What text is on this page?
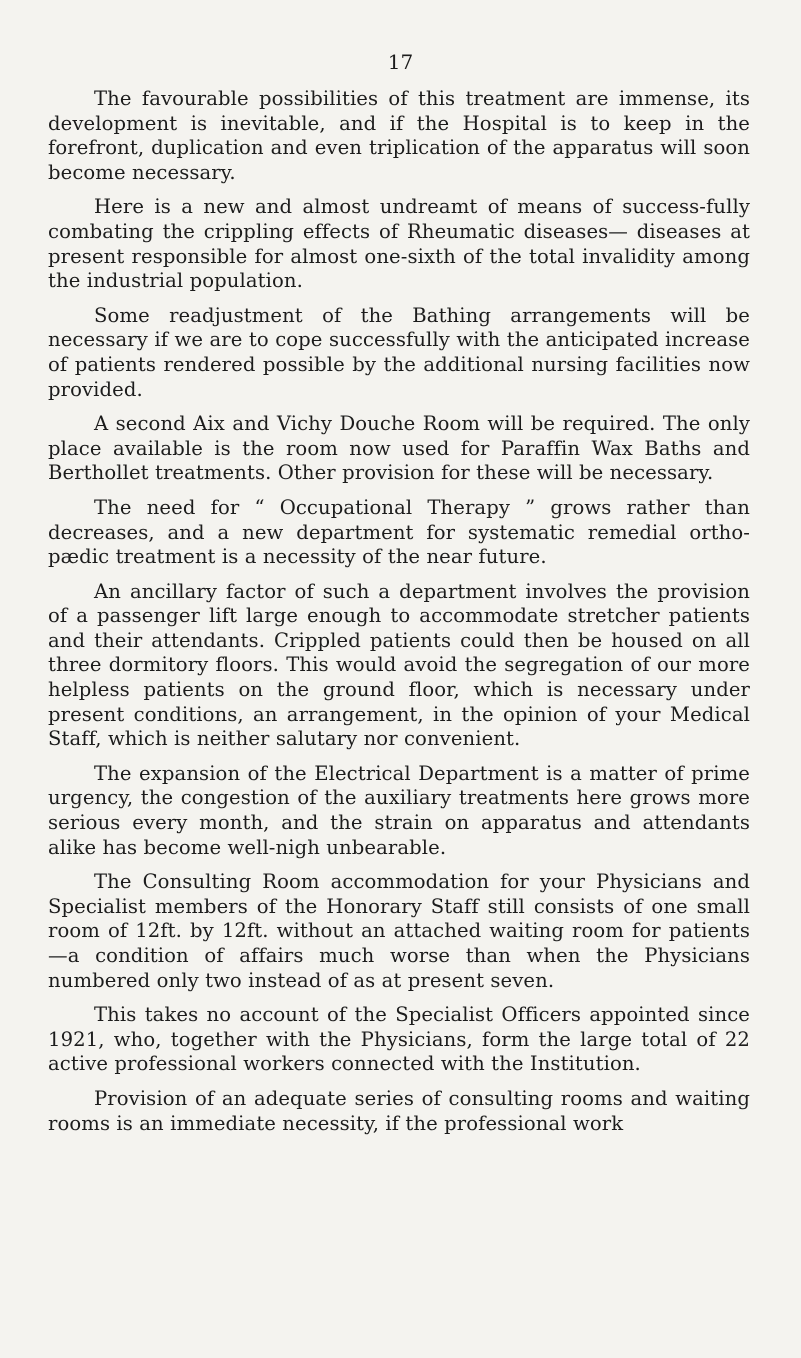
17

The favourable possibilities of this treatment are immense, its development is inevitable, and if the Hospital is to keep in the forefront, duplication and even triplication of the apparatus will soon become necessary.

Here is a new and almost undreamt of means of success-fully combating the crippling effects of Rheumatic diseases— diseases at present responsible for almost one-sixth of the total invalidity among the industrial population.

Some readjustment of the Bathing arrangements will be necessary if we are to cope successfully with the anticipated increase of patients rendered possible by the additional nursing facilities now provided.

A second Aix and Vichy Douche Room will be required. The only place available is the room now used for Paraffin Wax Baths and Berthollet treatments. Other provision for these will be necessary.

The need for “ Occupational Therapy ” grows rather than decreases, and a new department for systematic remedial ortho-pædic treatment is a necessity of the near future.

An ancillary factor of such a department involves the provision of a passenger lift large enough to accommodate stretcher patients and their attendants. Crippled patients could then be housed on all three dormitory floors. This would avoid the segregation of our more helpless patients on the ground floor, which is necessary under present conditions, an arrangement, in the opinion of your Medical Staff, which is neither salutary nor convenient.

The expansion of the Electrical Department is a matter of prime urgency, the congestion of the auxiliary treatments here grows more serious every month, and the strain on apparatus and attendants alike has become well-nigh unbearable.

The Consulting Room accommodation for your Physicians and Specialist members of the Honorary Staff still consists of one small room of 12ft. by 12ft. without an attached waiting room for patients—a condition of affairs much worse than when the Physicians numbered only two instead of as at present seven.

This takes no account of the Specialist Officers appointed since 1921, who, together with the Physicians, form the large total of 22 active professional workers connected with the Institution.

Provision of an adequate series of consulting rooms and waiting rooms is an immediate necessity, if the professional work
